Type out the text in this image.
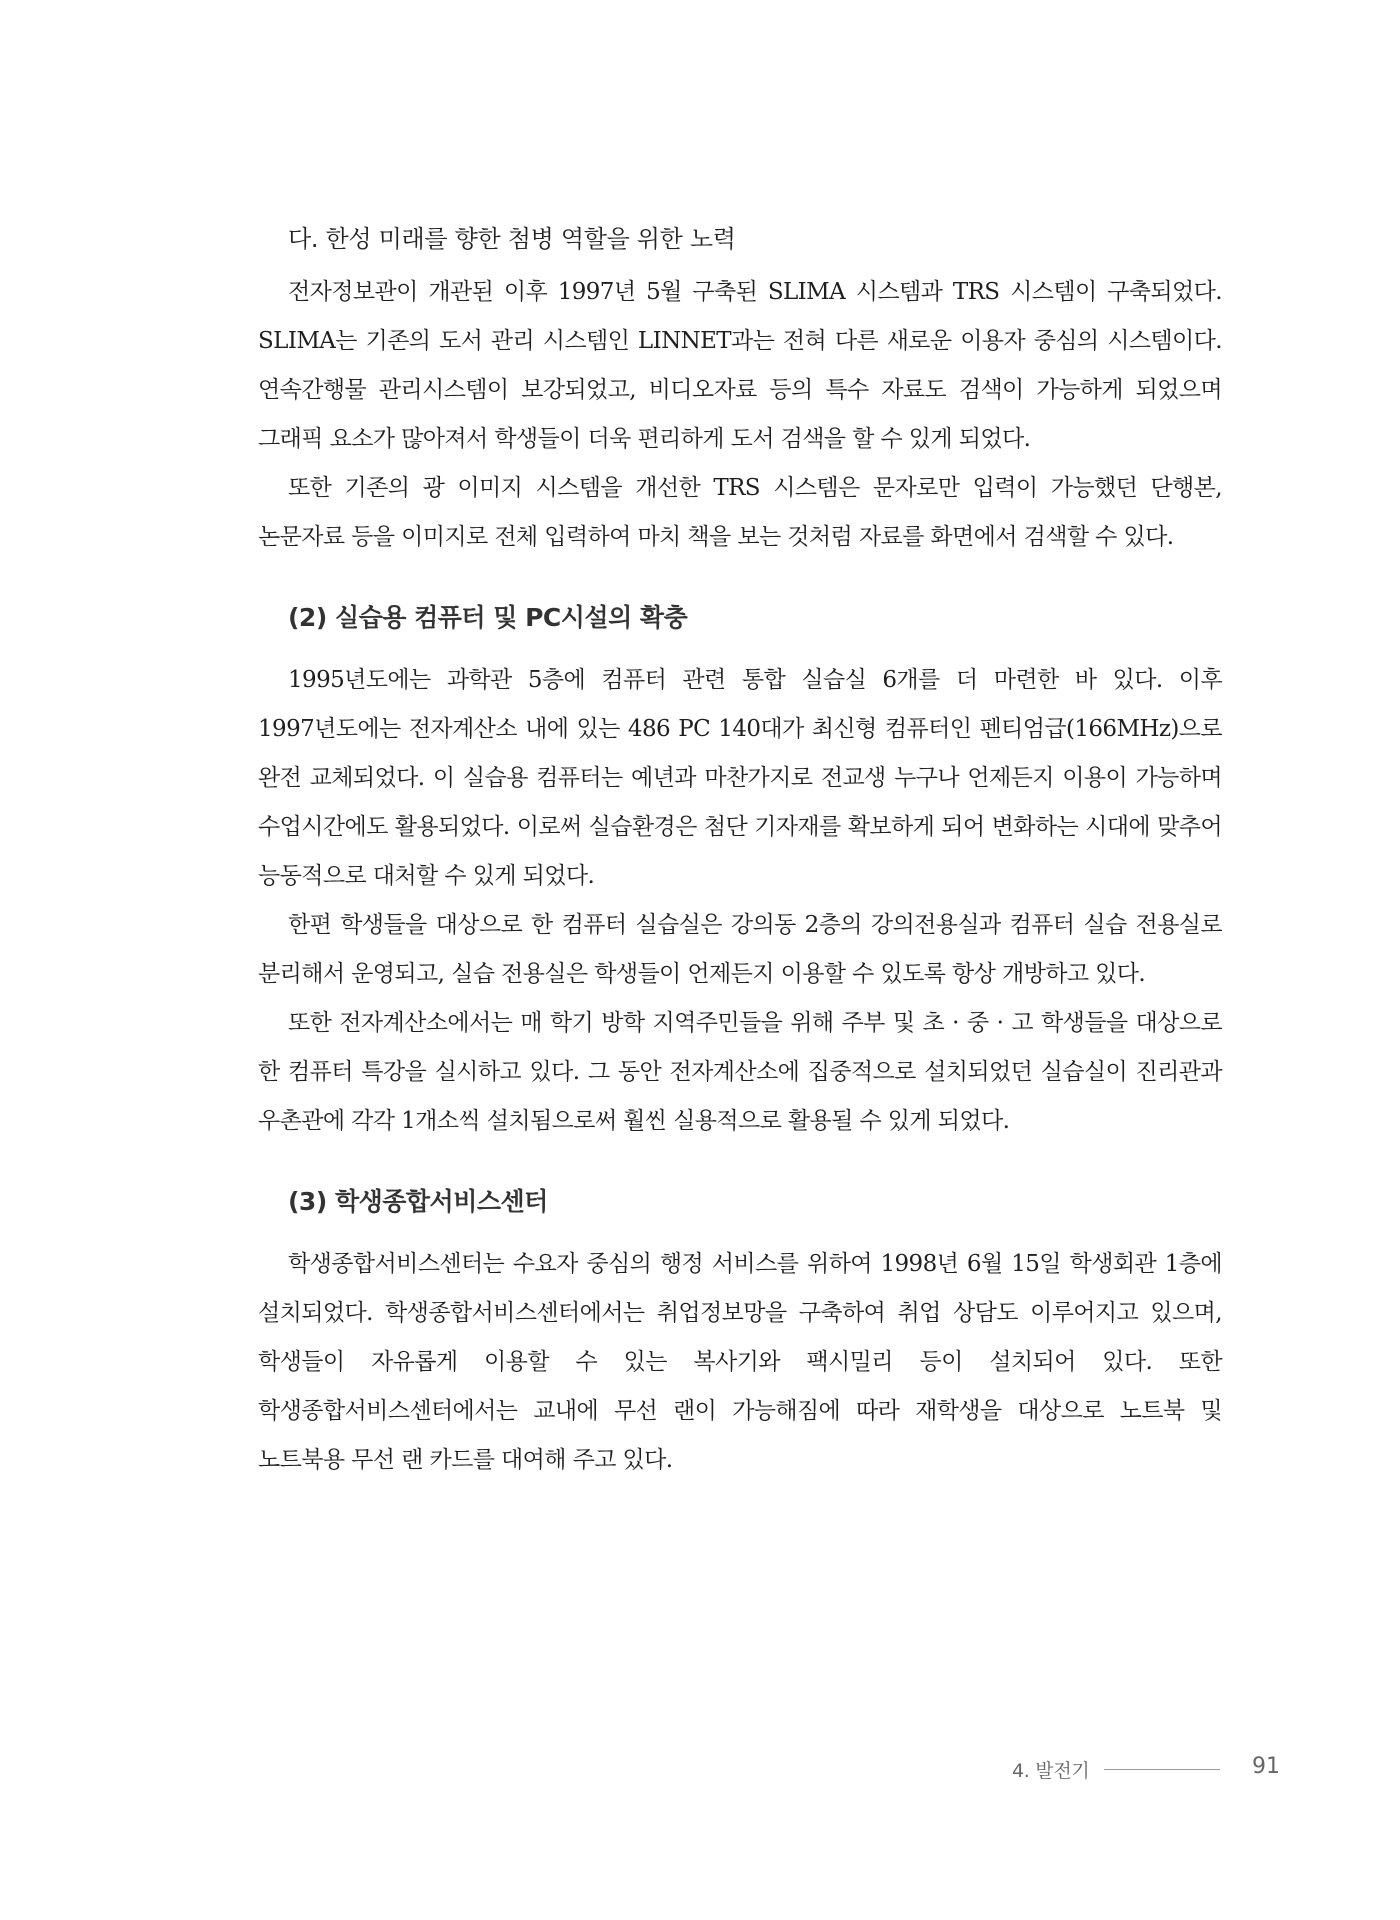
다. 한성 미래를 향한 첨병 역할을 위한 노력

전자정보관이 개관된 이후 1997년 5월 구축된 SLIMA 시스템과 TRS 시스템이 구축되었다. SLIMA는 기존의 도서 관리 시스템인 LINNET과는 전혀 다른 새로운 이용자 중심의 시스템이다. 연속간행물 관리시스템이 보강되었고, 비디오자료 등의 특수 자료도 검색이 가능하게 되었으며 그래픽 요소가 많아져서 학생들이 더욱 편리하게 도서 검색을 할 수 있게 되었다.

또한 기존의 광 이미지 시스템을 개선한 TRS 시스템은 문자로만 입력이 가능했던 단행본, 논문자료 등을 이미지로 전체 입력하여 마치 책을 보는 것처럼 자료를 화면에서 검색할 수 있다.

(2) 실습용 컴퓨터 및 PC시설의 확충

1995년도에는 과학관 5층에 컴퓨터 관련 통합 실습실 6개를 더 마련한 바 있다. 이후 1997년도에는 전자계산소 내에 있는 486 PC 140대가 최신형 컴퓨터인 펜티엄급(166MHz)으로 완전 교체되었다. 이 실습용 컴퓨터는 예년과 마찬가지로 전교생 누구나 언제든지 이용이 가능하며 수업시간에도 활용되었다. 이로써 실습환경은 첨단 기자재를 확보하게 되어 변화하는 시대에 맞추어 능동적으로 대처할 수 있게 되었다.

한편 학생들을 대상으로 한 컴퓨터 실습실은 강의동 2층의 강의전용실과 컴퓨터 실습 전용실로 분리해서 운영되고, 실습 전용실은 학생들이 언제든지 이용할 수 있도록 항상 개방하고 있다.

또한 전자계산소에서는 매 학기 방학 지역주민들을 위해 주부 및 초 · 중 · 고 학생들을 대상으로 한 컴퓨터 특강을 실시하고 있다. 그 동안 전자계산소에 집중적으로 설치되었던 실습실이 진리관과 우촌관에 각각 1개소씩 설치됨으로써 훨씬 실용적으로 활용될 수 있게 되었다.

(3) 학생종합서비스센터

학생종합서비스센터는 수요자 중심의 행정 서비스를 위하여 1998년 6월 15일 학생회관 1층에 설치되었다. 학생종합서비스센터에서는 취업정보망을 구축하여 취업 상담도 이루어지고 있으며, 학생들이 자유롭게 이용할 수 있는 복사기와 팩시밀리 등이 설치되어 있다. 또한 학생종합서비스센터에서는 교내에 무선 랜이 가능해짐에 따라 재학생을 대상으로 노트북 및 노트북용 무선 랜 카드를 대여해 주고 있다.

4. 발전기	91
